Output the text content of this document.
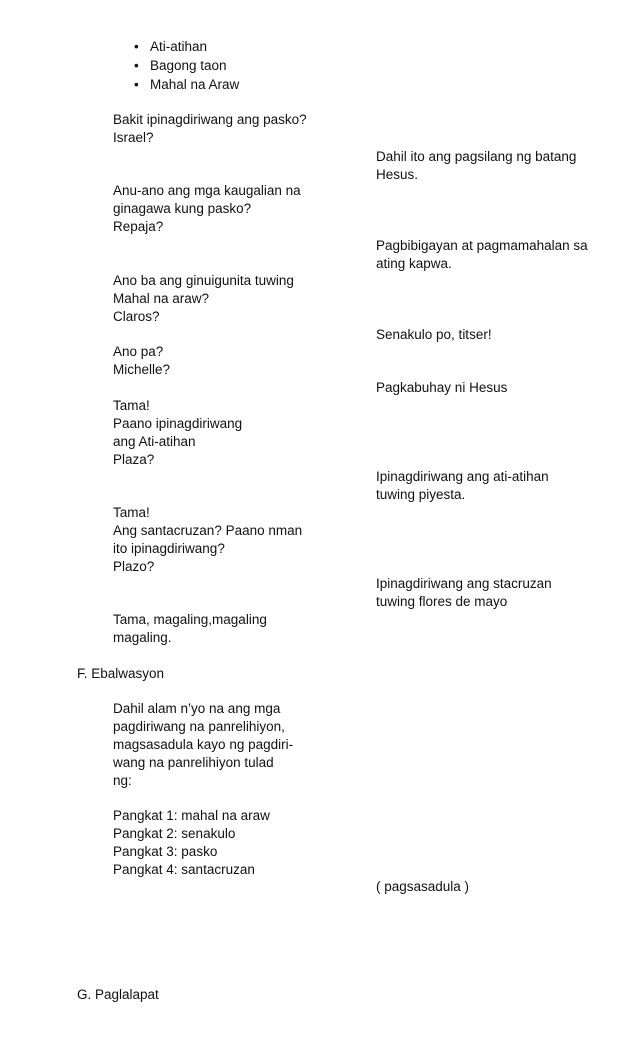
• Ati-atihan
• Bagong taon
• Mahal na Araw
Bakit ipinagdiriwang ang pasko?
Israel?
Dahil ito ang pagsilang ng batang
Hesus.
Anu-ano ang mga kaugalian na
ginagawa kung pasko?
Repaja?
Pagbibigayan at pagmamahalan sa
ating kapwa.
Ano ba ang ginuigunita tuwing
Mahal na araw?
Claros?
Senakulo po, titser!
Ano pa?
Michelle?
Pagkabuhay ni Hesus
Tama!
Paano ipinagdiriwang
ang Ati-atihan
Plaza?
Ipinagdiriwang ang ati-atihan
tuwing piyesta.
Tama!
Ang santacruzan? Paano nman
ito ipinagdiriwang?
Plazo?
Ipinagdiriwang ang stacruzan
tuwing flores de mayo
Tama, magaling,magaling
magaling.
F. Ebalwasyon
Dahil alam n’yo na ang mga
pagdiriwang na panrelihiyon,
magsasadula kayo ng pagdiri-
wang na panrelihiyon tulad
ng:
Pangkat 1: mahal na araw
Pangkat 2: senakulo
Pangkat 3: pasko
Pangkat 4: santacruzan
( pagsasadula )
G. Paglalapat
